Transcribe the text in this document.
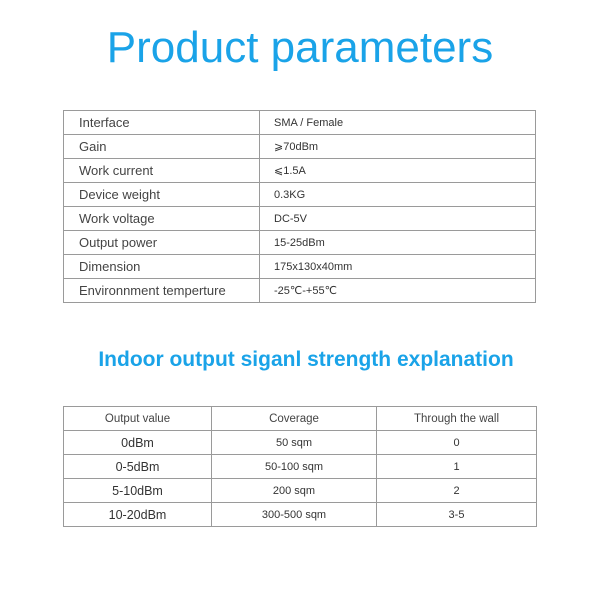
Product parameters
Interface	SMA / Female
Gain	⩾70dBm
Work current	⩽1.5A
Device weight	0.3KG
Work voltage	DC-5V
Output power	15-25dBm
Dimension	175x130x40mm
Environnment temperture	-25℃-+55℃
Indoor output siganl strength explanation
Output value	Coverage	Through the wall
0dBm	50 sqm	0
0-5dBm	50-100 sqm	1
5-10dBm	200 sqm	2
10-20dBm	300-500 sqm	3-5
